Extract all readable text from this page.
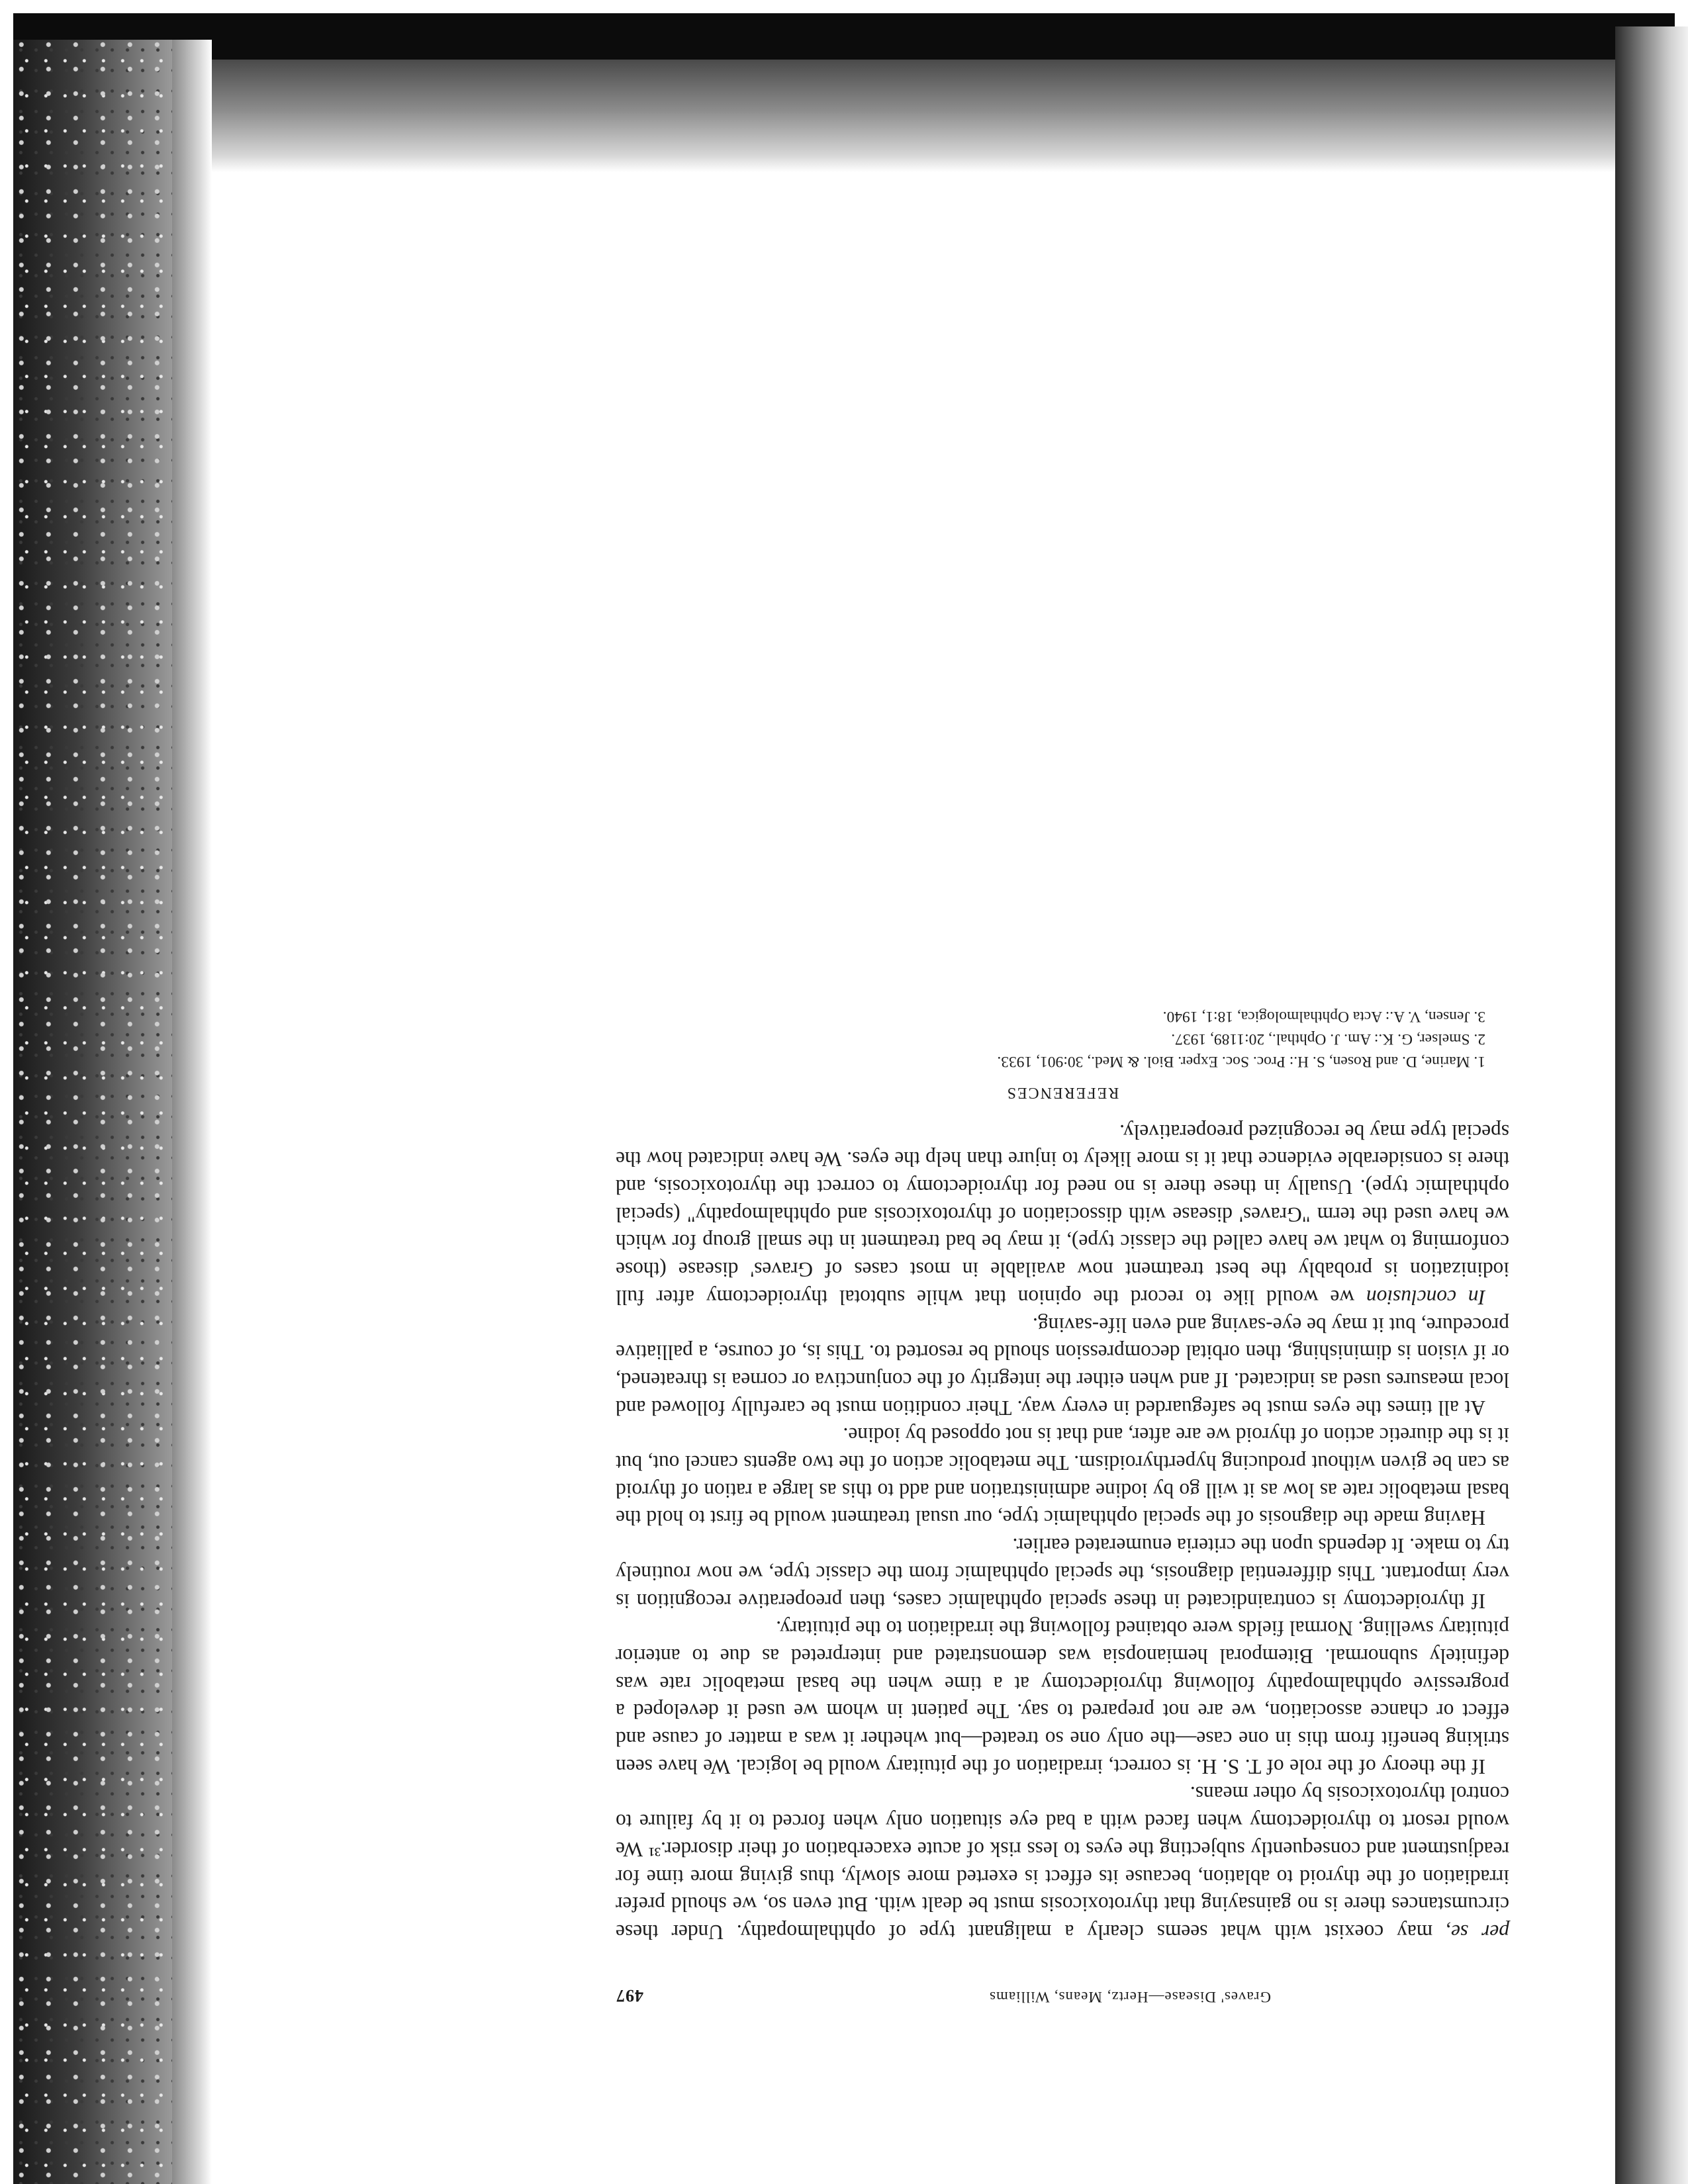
Graves' Disease—Hertz, Means, Williams
497

per se, may coexist with what seems clearly a malignant type of ophthalmopathy. Under these circumstances there is no gainsaying that thyrotoxicosis must be dealt with. But even so, we should prefer irradiation of the thyroid to ablation, because its effect is exerted more slowly, thus giving more time for readjustment and consequently subjecting the eyes to less risk of acute exacerbation of their disorder.³¹ We would resort to thyroidectomy when faced with a bad eye situation only when forced to it by failure to control thyrotoxicosis by other means.

If the theory of the role of T. S. H. is correct, irradiation of the pituitary would be logical. We have seen striking benefit from this in one case—the only one so treated—but whether it was a matter of cause and effect or chance association, we are not prepared to say. The patient in whom we used it developed a progressive ophthalmopathy following thyroidectomy at a time when the basal metabolic rate was definitely subnormal. Bitemporal hemianopsia was demonstrated and interpreted as due to anterior pituitary swelling. Normal fields were obtained following the irradiation to the pituitary.

If thyroidectomy is contraindicated in these special ophthalmic cases, then preoperative recognition is very important. This differential diagnosis, the special ophthalmic from the classic type, we now routinely try to make. It depends upon the criteria enumerated earlier.

Having made the diagnosis of the special ophthalmic type, our usual treatment would be first to hold the basal metabolic rate as low as it will go by iodine administration and add to this as large a ration of thyroid as can be given without producing hyperthyroidism. The metabolic action of the two agents cancel out, but it is the diuretic action of thyroid we are after, and that is not opposed by iodine.

At all times the eyes must be safeguarded in every way. Their condition must be carefully followed and local measures used as indicated. If and when either the integrity of the conjunctiva or cornea is threatened, or if vision is diminishing, then orbital decompression should be resorted to. This is, of course, a palliative procedure, but it may be eye-saving and even life-saving.

In conclusion we would like to record the opinion that while subtotal thyroidectomy after full iodinization is probably the best treatment now available in most cases of Graves' disease (those conforming to what we have called the classic type), it may be bad treatment in the small group for which we have used the term "Graves' disease with dissociation of thyrotoxicosis and ophthalmopathy" (special ophthalmic type). Usually in these there is no need for thyroidectomy to correct the thyrotoxicosis, and there is considerable evidence that it is more likely to injure than help the eyes. We have indicated how the special type may be recognized preoperatively.

REFERENCES
1. Marine, D. and Rosen, S. H.: Proc. Soc. Exper. Biol. & Med., 30:901, 1933.
2. Smelser, G. K.: Am. J. Ophthal., 20:1189, 1937.
3. Jensen, V. A.: Acta Ophthalmologica, 18:1, 1940.
